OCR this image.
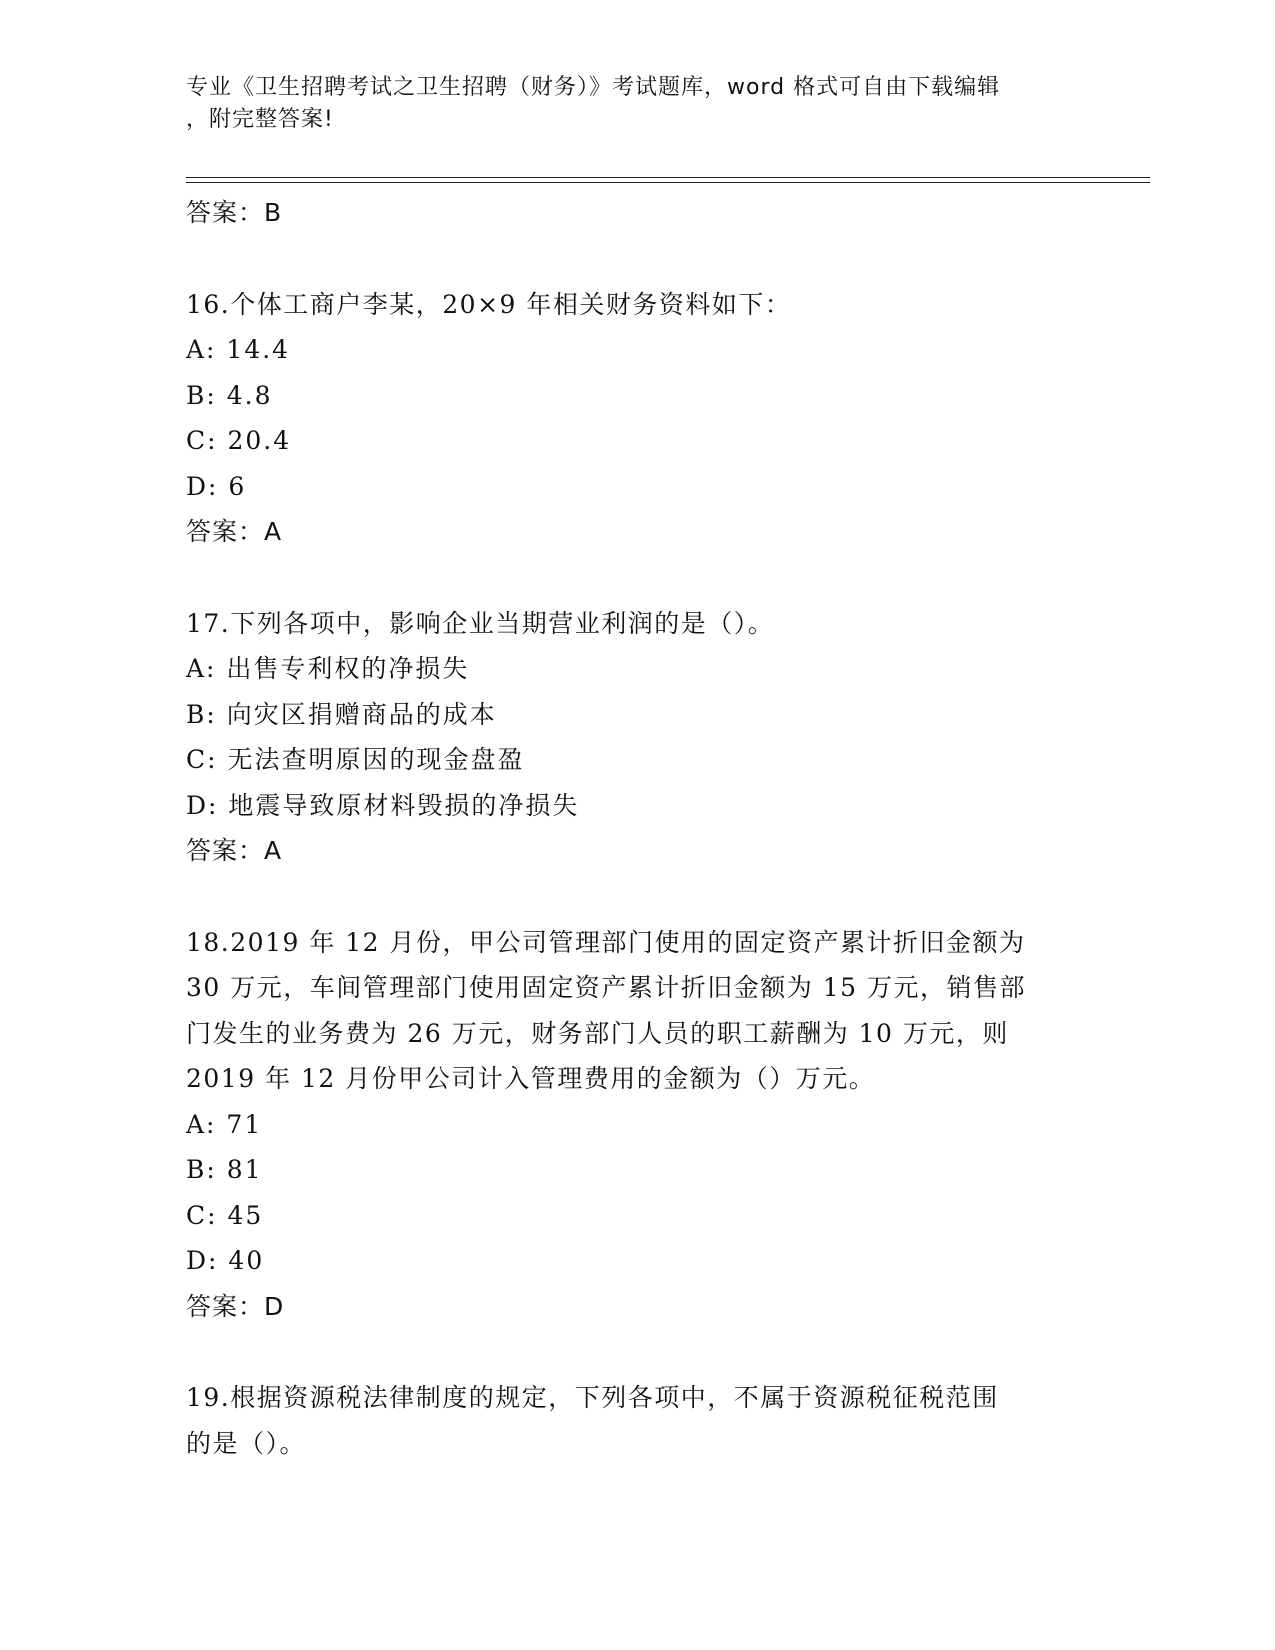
专业《卫生招聘考试之卫生招聘（财务）》考试题库，word 格式可自由下载编辑
，附完整答案!
答案：B
16.个体工商户李某，20×9 年相关财务资料如下：
A: 14.4
B: 4.8
C: 20.4
D: 6
答案：A
17.下列各项中，影响企业当期营业利润的是（）。
A: 出售专利权的净损失
B: 向灾区捐赠商品的成本
C: 无法查明原因的现金盘盈
D: 地震导致原材料毁损的净损失
答案：A
18.2019 年 12 月份，甲公司管理部门使用的固定资产累计折旧金额为
30 万元，车间管理部门使用固定资产累计折旧金额为 15 万元，销售部
门发生的业务费为 26 万元，财务部门人员的职工薪酬为 10 万元，则
2019 年 12 月份甲公司计入管理费用的金额为（）万元。
A: 71
B: 81
C: 45
D: 40
答案：D
19.根据资源税法律制度的规定，下列各项中，不属于资源税征税范围
的是（）。
